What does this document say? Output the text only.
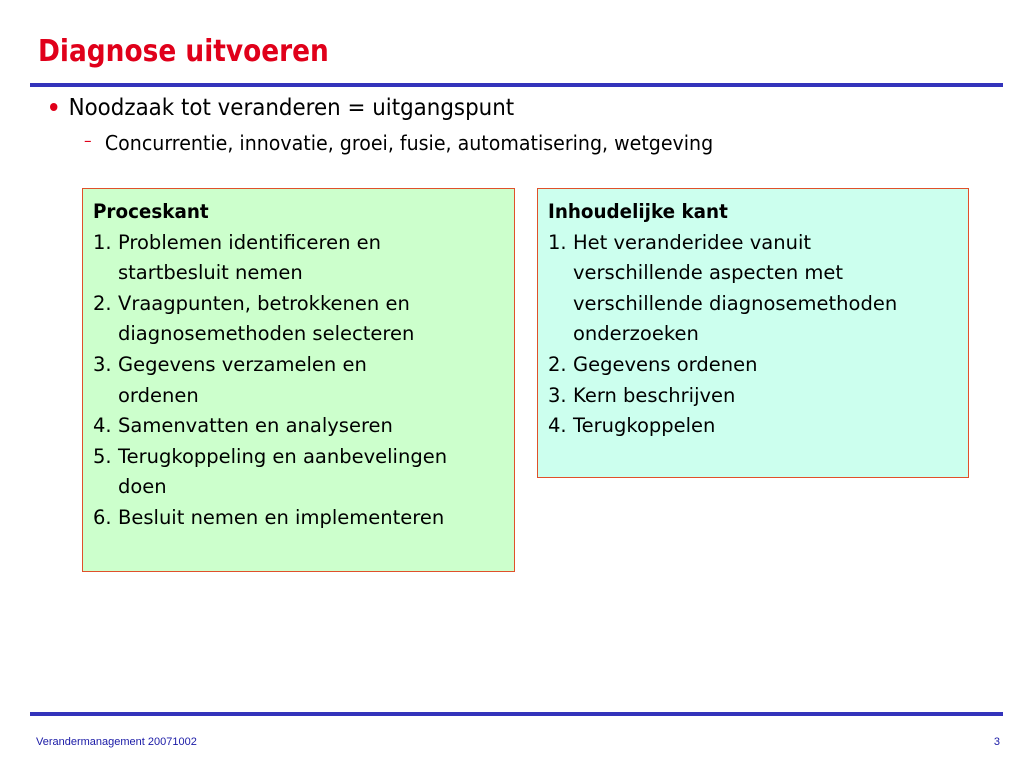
Diagnose uitvoeren
Noodzaak tot veranderen = uitgangspunt
– Concurrentie, innovatie, groei, fusie, automatisering, wetgeving
Proceskant
1. Problemen identificeren en
startbesluit nemen
2. Vraagpunten, betrokkenen en
diagnosemethoden selecteren
3. Gegevens verzamelen en
ordenen
4. Samenvatten en analyseren
5. Terugkoppeling en aanbevelingen
doen
6. Besluit nemen en implementeren
Inhoudelijke kant
1. Het veranderidee vanuit
verschillende aspecten met
verschillende diagnosemethoden
onderzoeken
2. Gegevens ordenen
3. Kern beschrijven
4. Terugkoppelen
Verandermanagement 20071002	3
